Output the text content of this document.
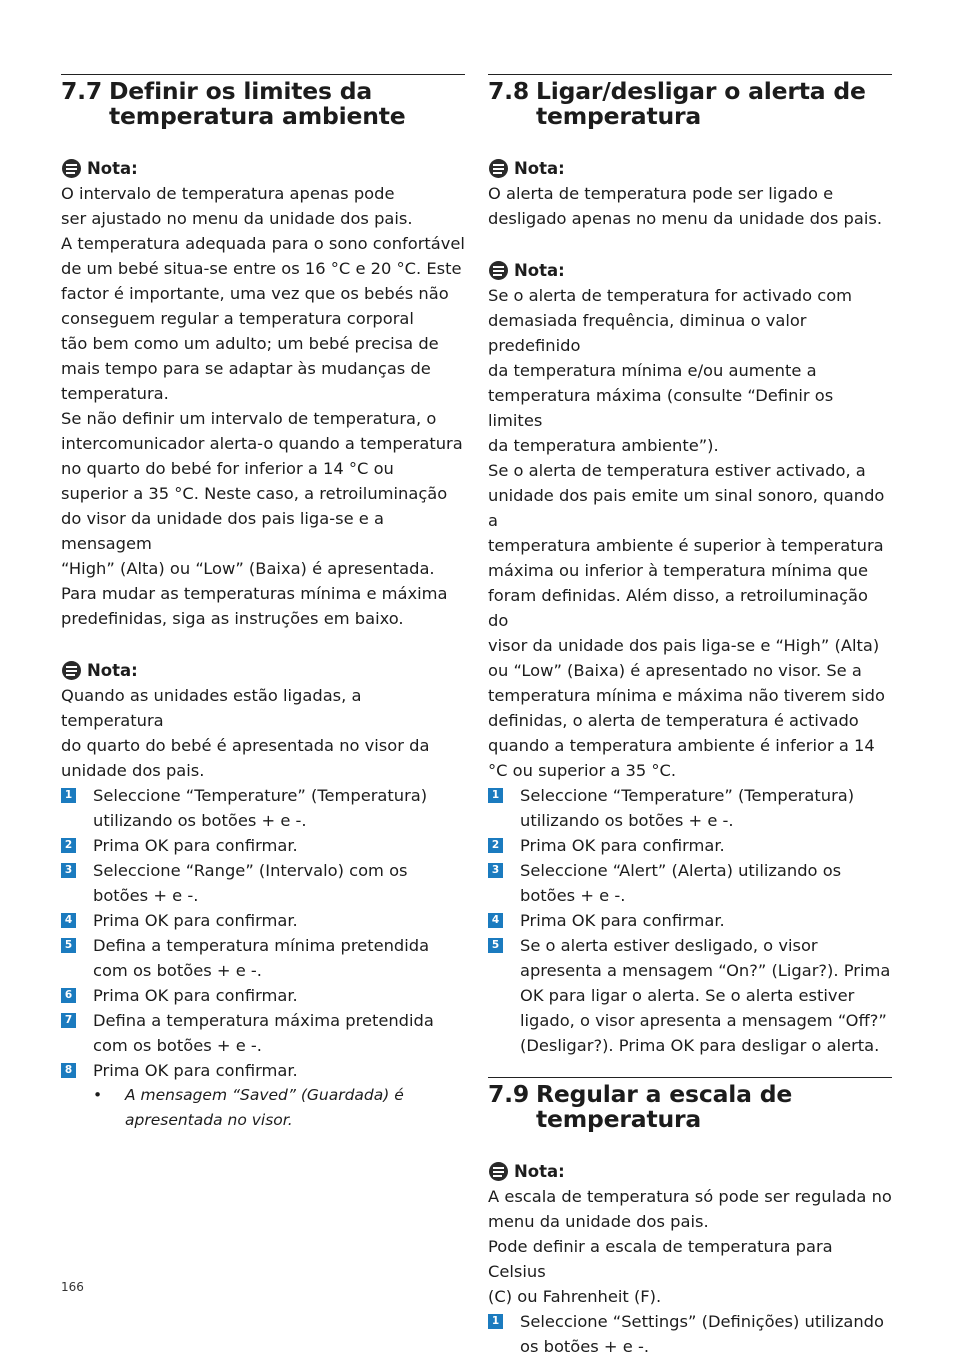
7.7 Definir os limites da temperatura ambiente
Nota:
O intervalo de temperatura apenas pode
ser ajustado no menu da unidade dos pais.
A temperatura adequada para o sono confortável
de um bebé situa-se entre os 16 °C e 20 °C. Este
factor é importante, uma vez que os bebés não
conseguem regular a temperatura corporal
tão bem como um adulto; um bebé precisa de
mais tempo para se adaptar às mudanças de
temperatura.
Se não definir um intervalo de temperatura, o
intercomunicador alerta-o quando a temperatura
no quarto do bebé for inferior a 14 °C ou
superior a 35 °C. Neste caso, a retroiluminação
do visor da unidade dos pais liga-se e a mensagem
“High” (Alta) ou “Low” (Baixa) é apresentada.
Para mudar as temperaturas mínima e máxima
predefinidas, siga as instruções em baixo.
Nota:
Quando as unidades estão ligadas, a temperatura
do quarto do bebé é apresentada no visor da
unidade dos pais.
1 Seleccione “Temperature” (Temperatura) utilizando os botões + e -.
2 Prima OK para confirmar.
3 Seleccione “Range” (Intervalo) com os botões + e -.
4 Prima OK para confirmar.
5 Defina a temperatura mínima pretendida com os botões + e -.
6 Prima OK para confirmar.
7 Defina a temperatura máxima pretendida com os botões + e -.
8 Prima OK para confirmar.
•	A mensagem “Saved” (Guardada) é apresentada no visor.
7.8 Ligar/desligar o alerta de temperatura
Nota:
O alerta de temperatura pode ser ligado e
desligado apenas no menu da unidade dos pais.
Nota:
Se o alerta de temperatura for activado com
demasiada frequência, diminua o valor predefinido
da temperatura mínima e/ou aumente a
temperatura máxima (consulte “Definir os limites
da temperatura ambiente”).
Se o alerta de temperatura estiver activado, a
unidade dos pais emite um sinal sonoro, quando a
temperatura ambiente é superior à temperatura
máxima ou inferior à temperatura mínima que
foram definidas. Além disso, a retroiluminação do
visor da unidade dos pais liga-se e “High” (Alta)
ou “Low” (Baixa) é apresentado no visor. Se a
temperatura mínima e máxima não tiverem sido
definidas, o alerta de temperatura é activado
quando a temperatura ambiente é inferior a 14
°C ou superior a 35 °C.
1 Seleccione “Temperature” (Temperatura) utilizando os botões + e -.
2 Prima OK para confirmar.
3 Seleccione “Alert” (Alerta) utilizando os botões + e -.
4 Prima OK para confirmar.
5 Se o alerta estiver desligado, o visor apresenta a mensagem “On?” (Ligar?). Prima OK para ligar o alerta. Se o alerta estiver ligado, o visor apresenta a mensagem “Off?” (Desligar?). Prima OK para desligar o alerta.
7.9 Regular a escala de temperatura
Nota:
A escala de temperatura só pode ser regulada no
menu da unidade dos pais.
Pode definir a escala de temperatura para Celsius
(C) ou Fahrenheit (F).
1 Seleccione “Settings” (Definições) utilizando os botões + e -.
166
